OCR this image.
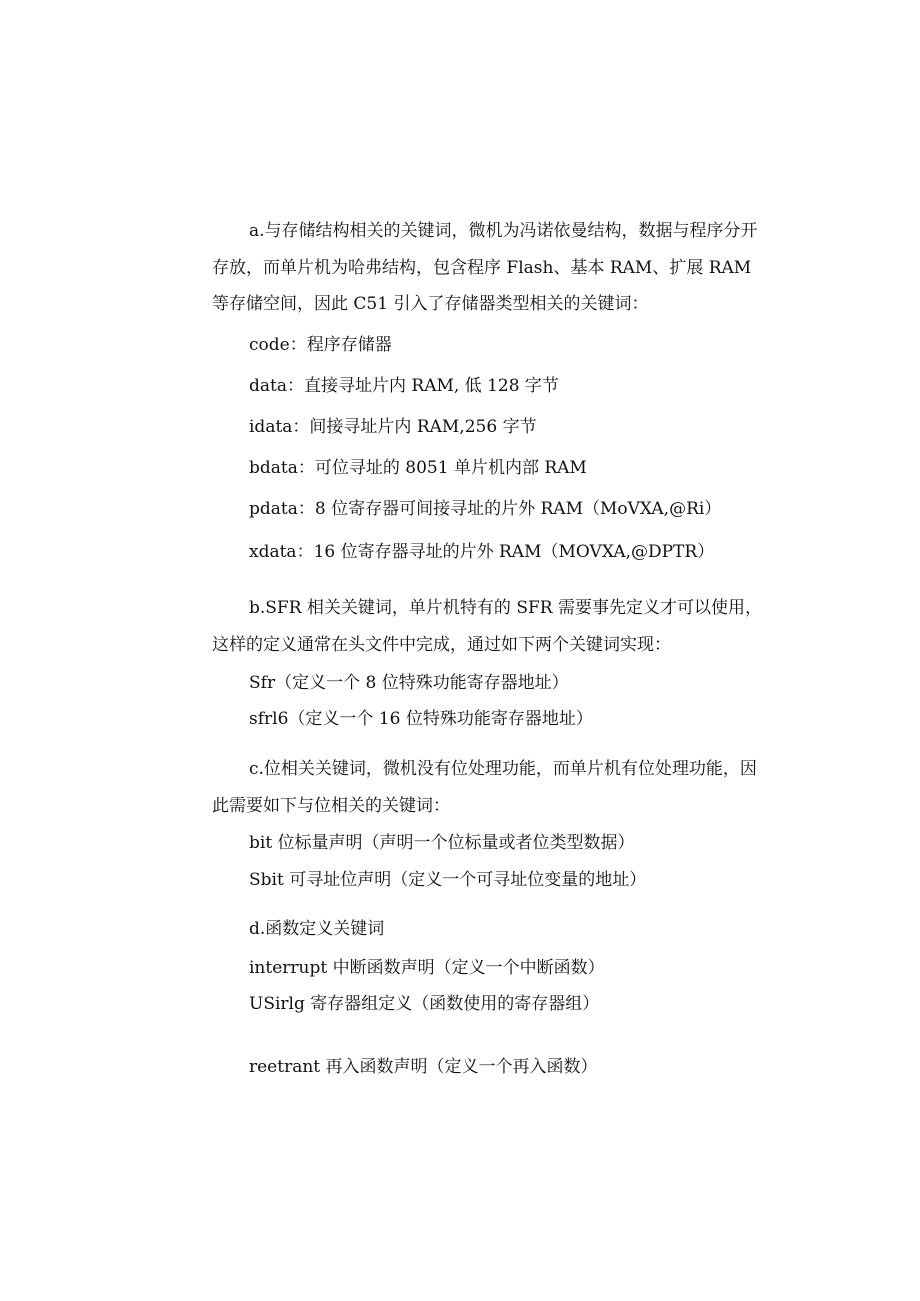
a.与存储结构相关的关键词，微机为冯诺依曼结构，数据与程序分开
存放，而单片机为哈弗结构，包含程序 Flash、基本 RAM、扩展 RAM
等存储空间，因此 C51 引入了存储器类型相关的关键词：
code：程序存储器
data：直接寻址片内 RAM, 低 128 字节
idata：间接寻址片内 RAM,256 字节
bdata：可位寻址的 8051 单片机内部 RAM
pdata：8 位寄存器可间接寻址的片外 RAM（MoVXA,@Ri）
xdata：16 位寄存器寻址的片外 RAM（MOVXA,@DPTR）
b.SFR 相关关键词，单片机特有的 SFR 需要事先定义才可以使用，
这样的定义通常在头文件中完成，通过如下两个关键词实现：
Sfr（定义一个 8 位特殊功能寄存器地址）
sfrl6（定义一个 16 位特殊功能寄存器地址）
c.位相关关键词，微机没有位处理功能，而单片机有位处理功能，因
此需要如下与位相关的关键词：
bit 位标量声明（声明一个位标量或者位类型数据）
Sbit 可寻址位声明（定义一个可寻址位变量的地址）
d.函数定义关键词
interrupt 中断函数声明（定义一个中断函数）
USirlg 寄存器组定义（函数使用的寄存器组）
reetrant 再入函数声明（定义一个再入函数）
